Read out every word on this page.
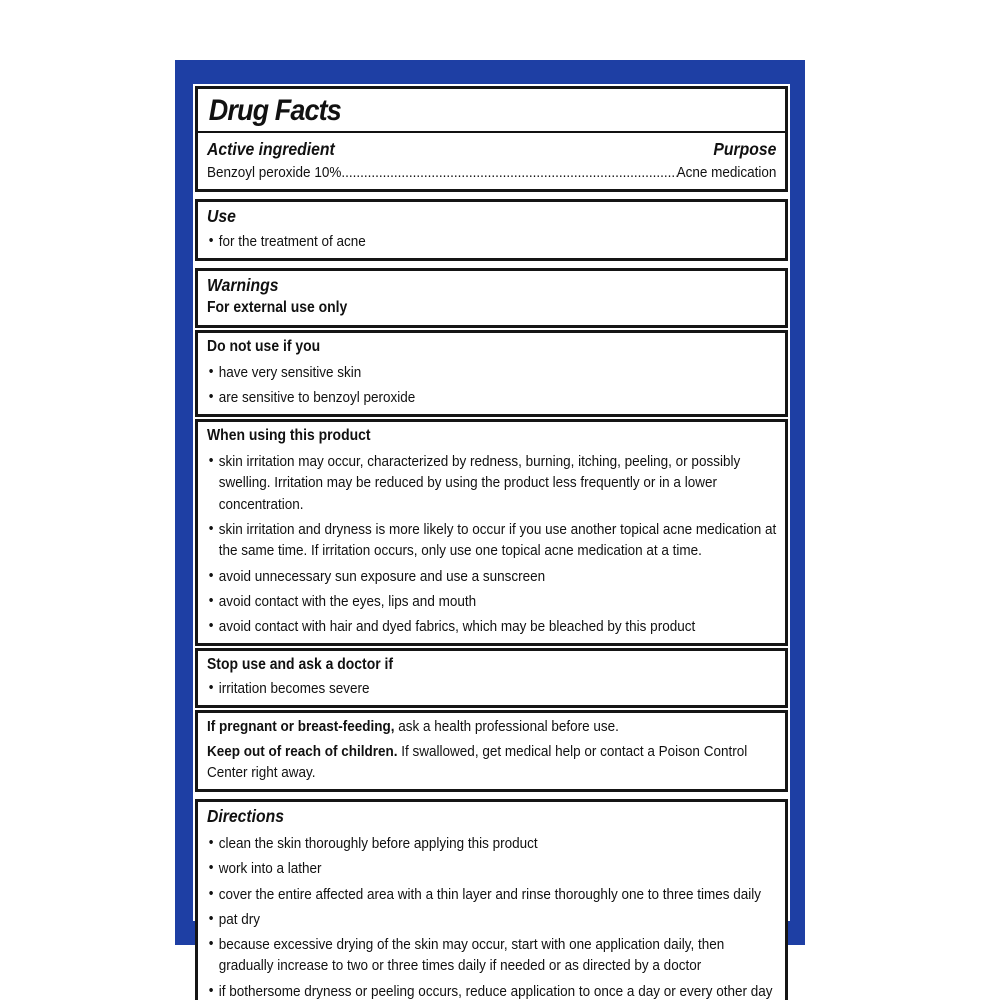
Drug Facts
Active ingredient	Purpose
Benzoyl peroxide 10% .....	Acne medication
Use
• for the treatment of acne
Warnings
For external use only
Do not use if you
• have very sensitive skin
• are sensitive to benzoyl peroxide
When using this product
• skin irritation may occur, characterized by redness, burning, itching, peeling, or possibly swelling. Irritation may be reduced by using the product less frequently or in a lower concentration.
• skin irritation and dryness is more likely to occur if you use another topical acne medication at the same time. If irritation occurs, only use one topical acne medication at a time.
• avoid unnecessary sun exposure and use a sunscreen
• avoid contact with the eyes, lips and mouth
• avoid contact with hair and dyed fabrics, which may be bleached by this product
Stop use and ask a doctor if
• irritation becomes severe
If pregnant or breast-feeding, ask a health professional before use.
Keep out of reach of children. If swallowed, get medical help or contact a Poison Control Center right away.
Directions
• clean the skin thoroughly before applying this product
• work into a lather
• cover the entire affected area with a thin layer and rinse thoroughly one to three times daily
• pat dry
• because excessive drying of the skin may occur, start with one application daily, then gradually increase to two or three times daily if needed or as directed by a doctor
• if bothersome dryness or peeling occurs, reduce application to once a day or every other day
